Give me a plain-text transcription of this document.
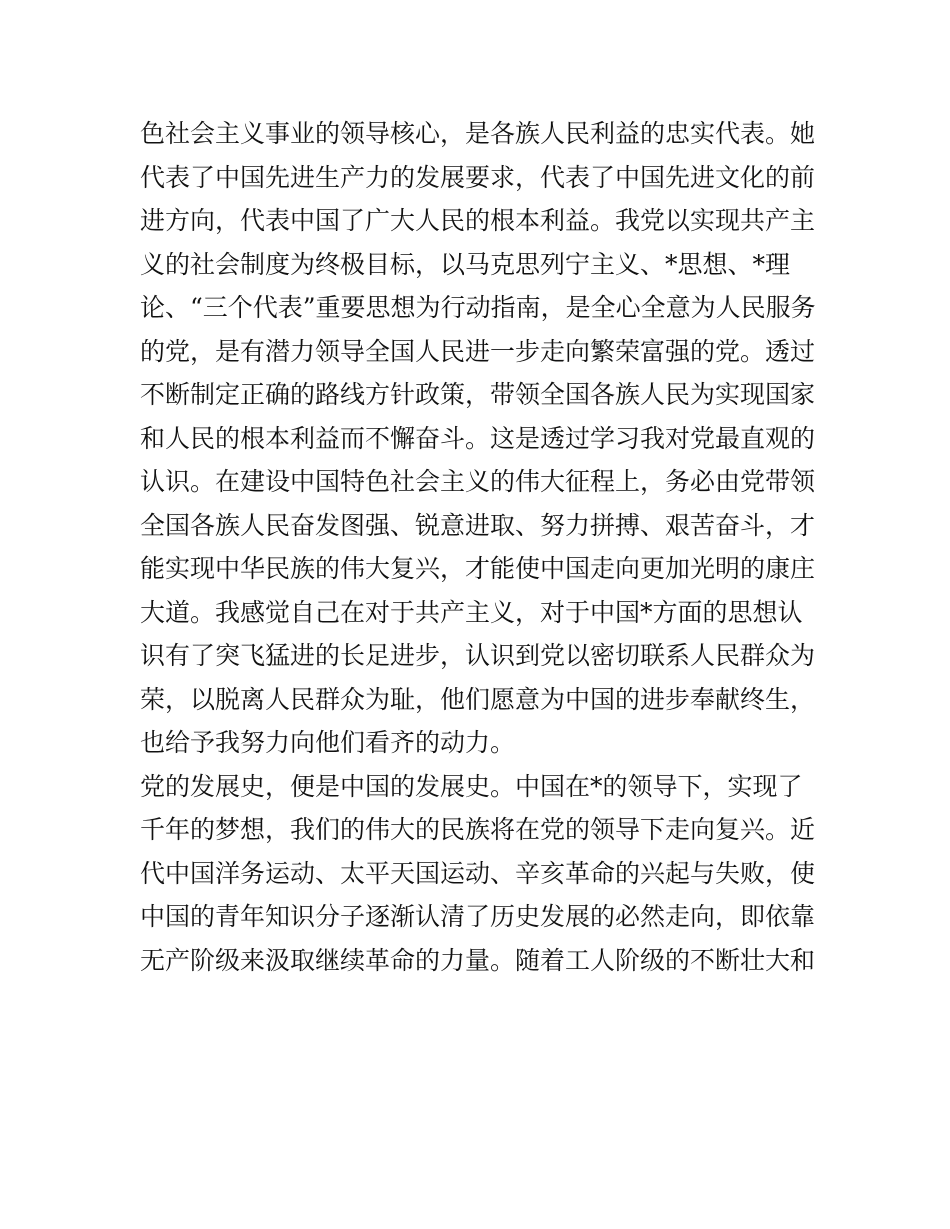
色社会主义事业的领导核心，是各族人民利益的忠实代表。她
代表了中国先进生产力的发展要求，代表了中国先进文化的前
进方向，代表中国了广大人民的根本利益。我党以实现共产主
义的社会制度为终极目标，以马克思列宁主义、*思想、*理
论、“三个代表”重要思想为行动指南，是全心全意为人民服务
的党，是有潜力领导全国人民进一步走向繁荣富强的党。透过
不断制定正确的路线方针政策，带领全国各族人民为实现国家
和人民的根本利益而不懈奋斗。这是透过学习我对党最直观的
认识。在建设中国特色社会主义的伟大征程上，务必由党带领
全国各族人民奋发图强、锐意进取、努力拼搏、艰苦奋斗，才
能实现中华民族的伟大复兴，才能使中国走向更加光明的康庄
大道。我感觉自己在对于共产主义，对于中国*方面的思想认
识有了突飞猛进的长足进步，认识到党以密切联系人民群众为
荣，以脱离人民群众为耻，他们愿意为中国的进步奉献终生，
也给予我努力向他们看齐的动力。
党的发展史，便是中国的发展史。中国在*的领导下，实现了
千年的梦想，我们的伟大的民族将在党的领导下走向复兴。近
代中国洋务运动、太平天国运动、辛亥革命的兴起与失败，使
中国的青年知识分子逐渐认清了历史发展的必然走向，即依靠
无产阶级来汲取继续革命的力量。随着工人阶级的不断壮大和
